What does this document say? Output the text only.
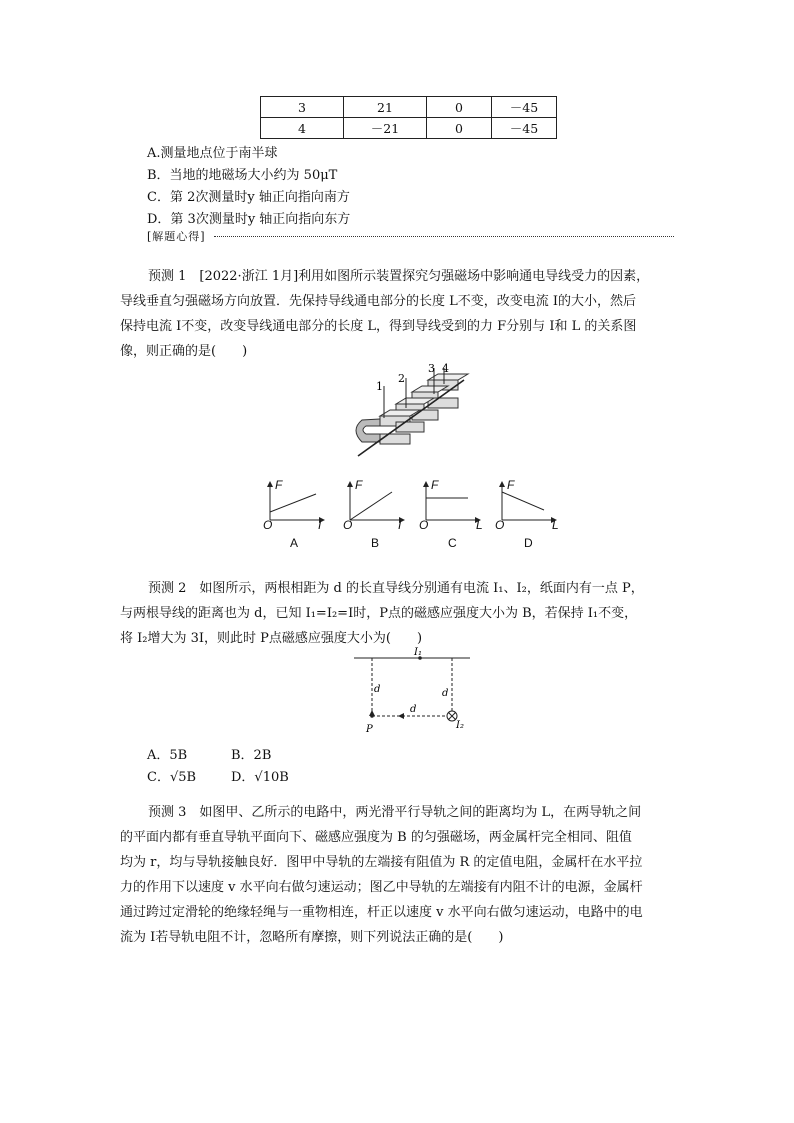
3	21	0	－45
4	－21	0	－45
A.测量地点位于南半球
B．当地的地磁场大小约为 50μT
C．第 2次测量时y 轴正向指向南方
D．第 3次测量时y 轴正向指向东方
[解题心得]
预测 1　[2022·浙江 1月]利用如图所示装置探究匀强磁场中影响通电导线受力的因素，
导线垂直匀强磁场方向放置．先保持导线通电部分的长度 L不变，改变电流 I的大小，然后
保持电流 I不变，改变导线通电部分的长度 L，得到导线受到的力 F分别与 I和 L 的关系图
像，则正确的是(　　)
1
2
3 4
F
O	I
A
F
O	I
B
F
O	L
C
F
O	L
D
预测 2　如图所示，两根相距为 d 的长直导线分别通有电流 I₁、I₂，纸面内有一点 P，
与两根导线的距离也为 d，已知 I₁=I₂=I时，P点的磁感应强度大小为 B，若保持 I₁不变，
将 I₂增大为 3I，则此时 P点磁感应强度大小为(　　)
I₁
d	d
d
P	I₂
A．5B	B．2B
C．√5B	D．√10B
预测 3　如图甲、乙所示的电路中，两光滑平行导轨之间的距离均为 L，在两导轨之间
的平面内都有垂直导轨平面向下、磁感应强度为 B 的匀强磁场，两金属杆完全相同、阻值
均为 r，均与导轨接触良好．图甲中导轨的左端接有阻值为 R 的定值电阻，金属杆在水平拉
力的作用下以速度 v 水平向右做匀速运动；图乙中导轨的左端接有内阻不计的电源，金属杆
通过跨过定滑轮的绝缘轻绳与一重物相连，杆正以速度 v 水平向右做匀速运动，电路中的电
流为 I若导轨电阻不计，忽略所有摩擦，则下列说法正确的是(　　)
